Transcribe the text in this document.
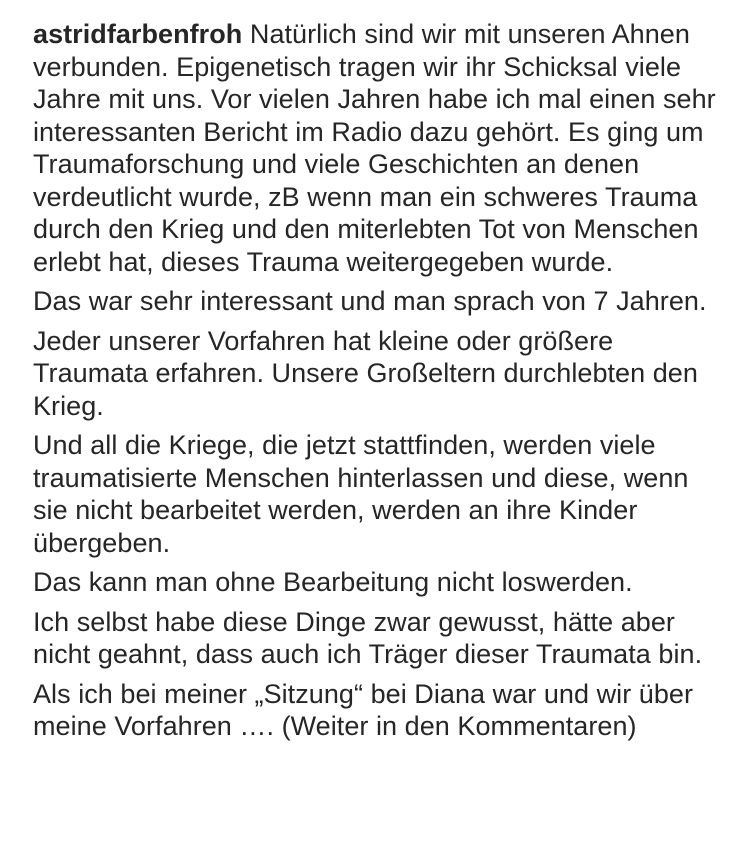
astridfarbenfroh Natürlich sind wir mit unseren Ahnen verbunden. Epigenetisch tragen wir ihr Schicksal viele Jahre mit uns. Vor vielen Jahren habe ich mal einen sehr interessanten Bericht im Radio dazu gehört. Es ging um Traumaforschung und viele Geschichten an denen verdeutlicht wurde, zB wenn man ein schweres Trauma durch den Krieg und den miterlebten Tot von Menschen erlebt hat, dieses Trauma weitergegeben wurde.

Das war sehr interessant und man sprach von 7 Jahren.

Jeder unserer Vorfahren hat kleine oder größere Traumata erfahren. Unsere Großeltern durchlebten den Krieg.

Und all die Kriege, die jetzt stattfinden, werden viele traumatisierte Menschen hinterlassen und diese, wenn sie nicht bearbeitet werden, werden an ihre Kinder übergeben.

Das kann man ohne Bearbeitung nicht loswerden.

Ich selbst habe diese Dinge zwar gewusst, hätte aber nicht geahnt, dass auch ich Träger dieser Traumata bin.

Als ich bei meiner „Sitzung“ bei Diana war und wir über meine Vorfahren …. (Weiter in den Kommentaren)
